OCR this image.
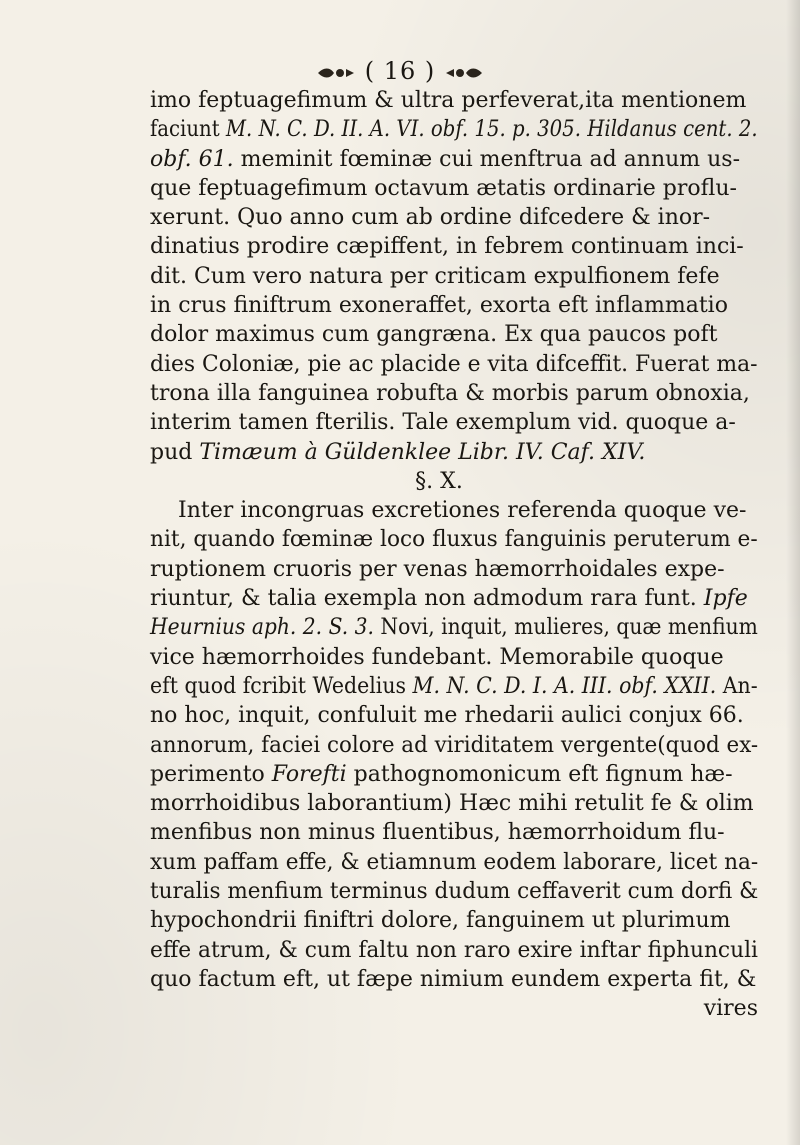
( 16 )
imo feptuagefimum & ultra perfeverat,ita mentionem
faciunt M. N. C. D. II. A. VI. obf. 15. p. 305. Hildanus cent. 2.
obf. 61. meminit fœminæ cui menftrua ad annum us-
que feptuagefimum octavum ætatis ordinarie proflu-
xerunt. Quo anno cum ab ordine difcedere & inor-
dinatius prodire cæpiffent, in febrem continuam inci-
dit. Cum vero natura per criticam expulfionem fefe
in crus finiftrum exoneraffet, exorta eft inflammatio
dolor maximus cum gangræna. Ex qua paucos poft
dies Coloniæ, pie ac placide e vita difceffit. Fuerat ma-
trona illa fanguinea robufta & morbis parum obnoxia,
interim tamen fterilis. Tale exemplum vid. quoque a-
pud Timæum à Güldenklee Libr. IV. Caf. XIV.
§. X.
Inter incongruas excretiones referenda quoque ve-
nit, quando fœminæ loco fluxus fanguinis peruterum e-
ruptionem cruoris per venas hæmorrhoidales expe-
riuntur, & talia exempla non admodum rara funt. Ipfe
Heurnius aph. 2. S. 3. Novi, inquit, mulieres, quæ menfium
vice hæmorrhoides fundebant. Memorabile quoque
eft quod fcribit Wedelius M. N. C. D. I. A. III. obf. XXII. An-
no hoc, inquit, confuluit me rhedarii aulici conjux 66.
annorum, faciei colore ad viriditatem vergente(quod ex-
perimento Forefti pathognomonicum eft fignum hæ-
morrhoidibus laborantium) Hæc mihi retulit fe & olim
menfibus non minus fluentibus, hæmorrhoidum flu-
xum paffam effe, & etiamnum eodem laborare, licet na-
turalis menfium terminus dudum ceffaverit cum dorfi &
hypochondrii finiftri dolore, fanguinem ut plurimum
effe atrum, & cum faltu non raro exire inftar fiphunculi
quo factum eft, ut fæpe nimium eundem experta fit, &
vires
